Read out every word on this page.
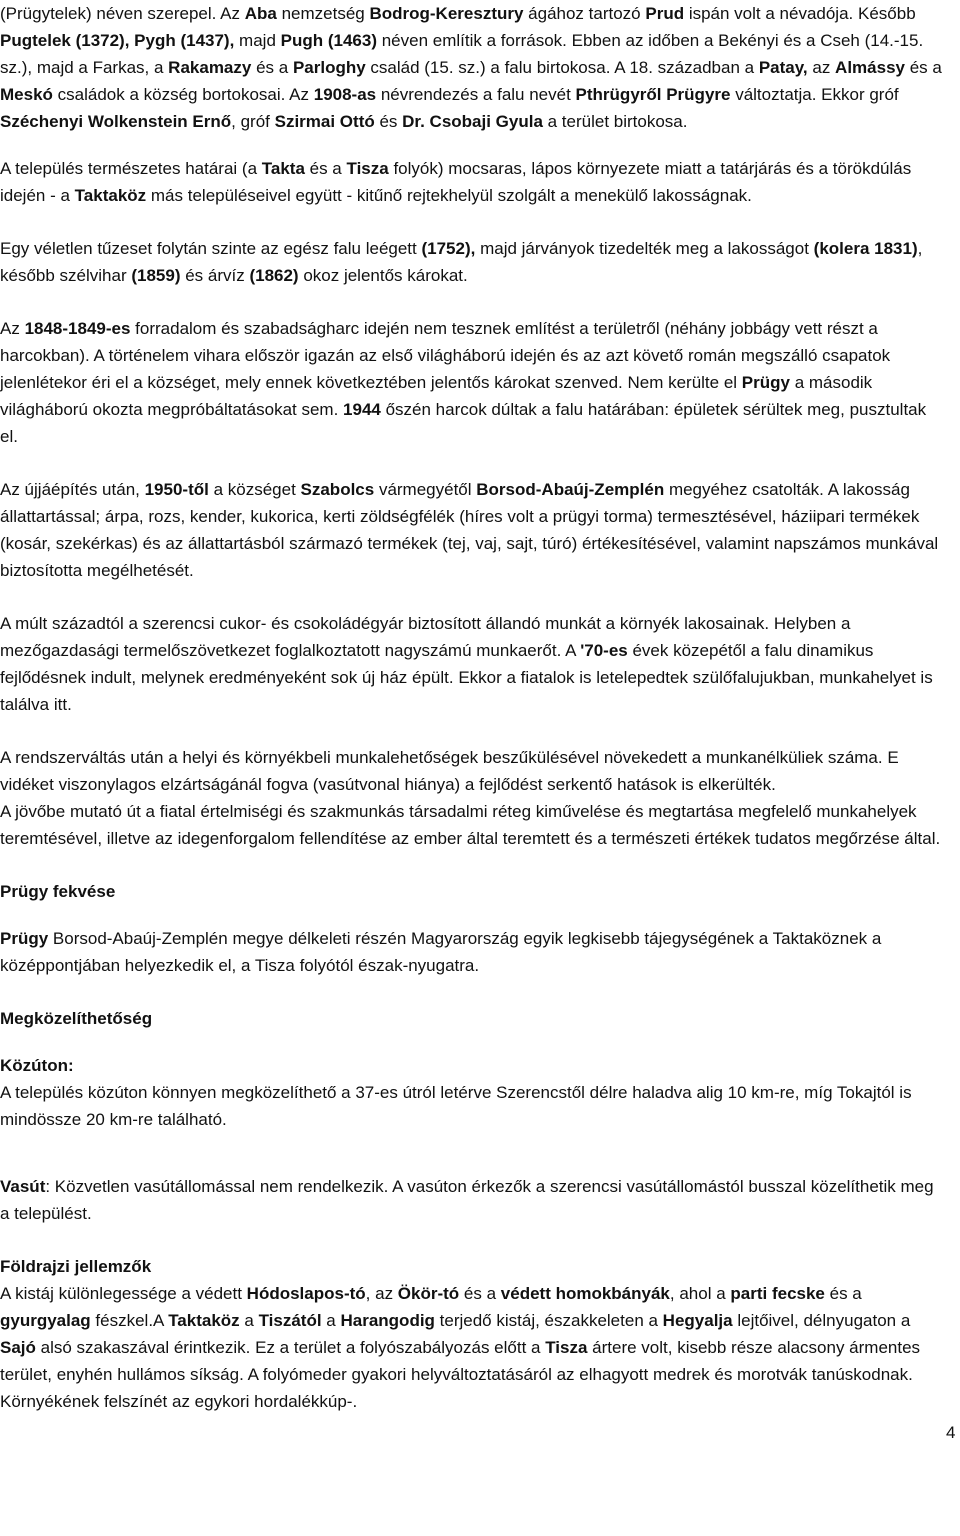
(Prügytelek) néven szerepel. Az Aba nemzetség Bodrog-Keresztury ágához tartozó Prud ispán volt a névadója. Később Pugtelek (1372), Pygh (1437), majd Pugh (1463) néven említik a források. Ebben az időben a Bekényi és a Cseh (14.-15. sz.), majd a Farkas, a Rakamazy és a Parloghy család (15. sz.) a falu birtokosa. A 18. században a Patay, az Almássy és a Meskó családok a község bortokosai. Az 1908-as névrendezés a falu nevét Pthrügyről Prügyre változtatja. Ekkor gróf Széchenyi Wolkenstein Ernő, gróf Szirmai Ottó és Dr. Csobaji Gyula a terület birtokosa.

A település természetes határai (a Takta és a Tisza folyók) mocsaras, lápos környezete miatt a tatárjárás és a törökdúlás idején - a Taktaköz más településeivel együtt - kitűnő rejtekhelyül szolgált a menekülő lakosságnak.

Egy véletlen tűzeset folytán szinte az egész falu leégett (1752), majd járványok tizedelték meg a lakosságot (kolera 1831), később szélvihar (1859) és árvíz (1862) okoz jelentős károkat.

Az 1848-1849-es forradalom és szabadságharc idején nem tesznek említést a területről (néhány jobbágy vett részt a harcokban). A történelem vihara először igazán az első világháború idején és az azt követő román megszálló csapatok jelenlétekor éri el a községet, mely ennek következtében jelentős károkat szenved. Nem kerülte el Prügy a második világháború okozta megpróbáltatásokat sem. 1944 őszén harcok dúltak a falu határában: épületek sérültek meg, pusztultak el.

Az újjáépítés után, 1950-től a községet Szabolcs vármegyétől Borsod-Abaúj-Zemplén megyéhez csatolták. A lakosság állattartással; árpa, rozs, kender, kukorica, kerti zöldségfélék (híres volt a prügyi torma) termesztésével, háziipari termékek (kosár, szekérkas) és az állattartásból származó termékek (tej, vaj, sajt, túró) értékesítésével, valamint napszámos munkával biztosította megélhetését.

A múlt századtól a szerencsi cukor- és csokoládégyár biztosított állandó munkát a környék lakosainak. Helyben a mezőgazdasági termelőszövetkezet foglalkoztatott nagyszámú munkaerőt. A '70-es évek közepétől a falu dinamikus fejlődésnek indult, melynek eredményeként sok új ház épült. Ekkor a fiatalok is letelepedtek szülőfalujukban, munkahelyet is találva itt.

A rendszerváltás után a helyi és környékbeli munkalehetőségek beszűkülésével növekedett a munkanélküliek száma. E vidéket viszonylagos elzártságánál fogva (vasútvonal hiánya) a fejlődést serkentő hatások is elkerülték.

A jövőbe mutató út a fiatal értelmiségi és szakmunkás társadalmi réteg kiművelése és megtartása megfelelő munkahelyek teremtésével, illetve az idegenforgalom fellendítése az ember által teremtett és a természeti értékek tudatos megőrzése által.

Prügy fekvése

Prügy Borsod-Abaúj-Zemplén megye délkeleti részén Magyarország egyik legkisebb tájegységének a Taktaköznek a középpontjában helyezkedik el, a Tisza folyótól észak-nyugatra.

Megközelíthetőség

Közúton:

A település közúton könnyen megközelíthető a 37-es útról letérve Szerencstől délre haladva alig 10 km-re, míg Tokajtól is mindössze 20 km-re található.

Vasút: Közvetlen vasútállomással nem rendelkezik. A vasúton érkezők a szerencsi vasútállomástól busszal közelíthetik meg a települést.

Földrajzi jellemzők

A kistáj különlegessége a védett Hódoslapos-tó, az Ökör-tó és a védett homokbányák, ahol a parti fecske és a gyurgyalag fészkel.A Taktaköz a Tiszától a Harangodig terjedő kistáj, északkeleten a Hegyalja lejtőivel, délnyugaton a Sajó alsó szakaszával érintkezik. Ez a terület a folyószabályozás előtt a Tisza ártere volt, kisebb része alacsony ármentes terület, enyhén hullámos síkság. A folyómeder gyakori helyváltoztatásáról az elhagyott medrek és morotvák tanúskodnak. Környékének felszínét az egykori hordalékkúp-.

4
